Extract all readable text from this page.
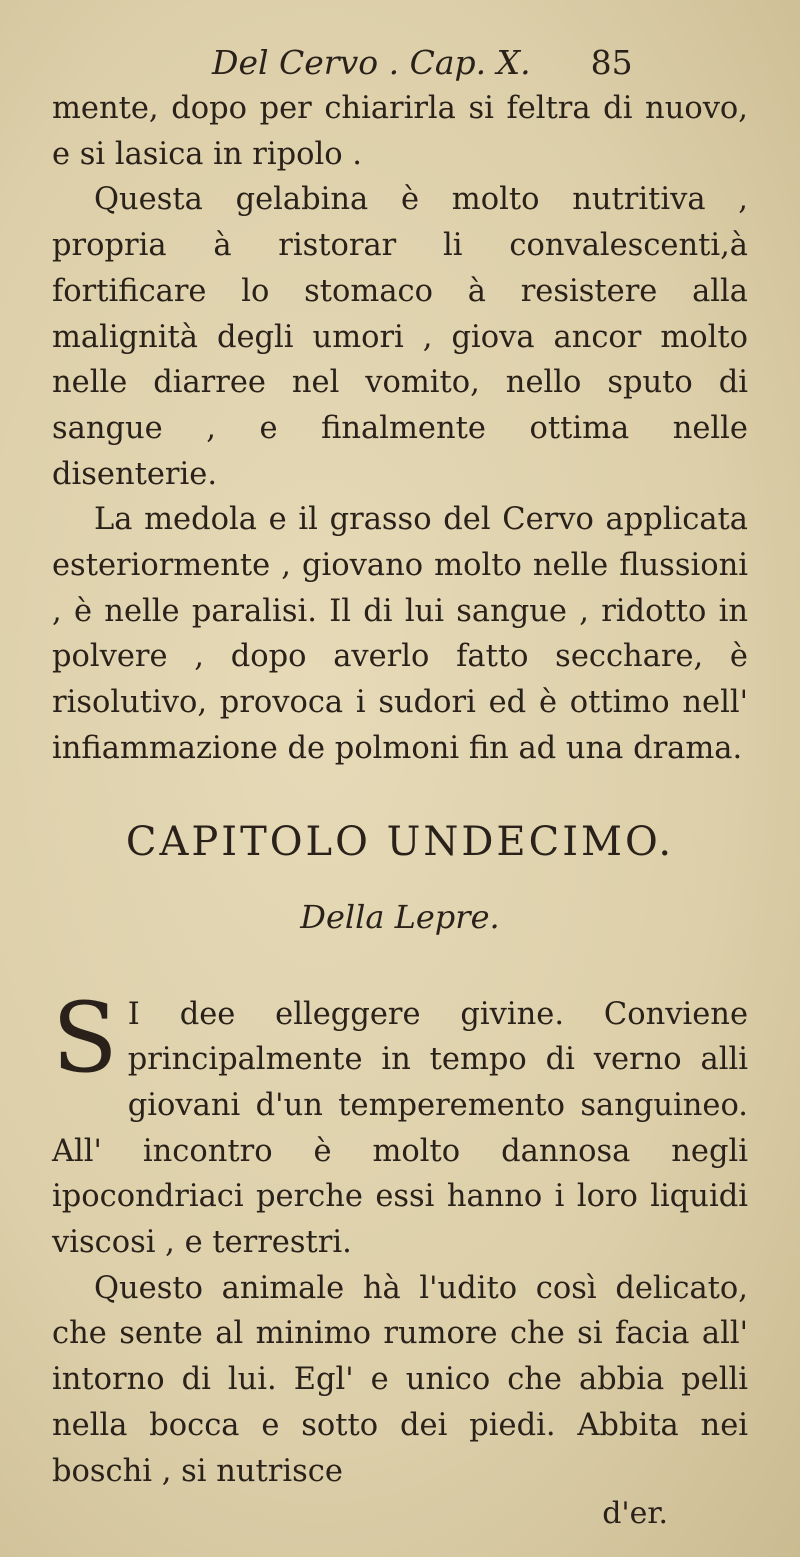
Del Cervo . Cap. X. 85

mente, dopo per chiarirla si feltra di nuovo, e si lasica in ripolo .

Questa gelabina è molto nutritiva , propria à ristorar li convalescenti,à fortificare lo stomaco à resistere alla malignità degli umori , giova ancor molto nelle diarree nel vomito, nello sputo di sangue , e finalmente ottima nelle disenterie.

La medola e il grasso del Cervo applicata esteriormente , giovano molto nelle flussioni , è nelle paralisi. Il di lui sangue , ridotto in polvere , dopo averlo fatto secchare, è risolutivo, provoca i sudori ed è ottimo nell' infiammazione de polmoni fin ad una drama.

CAPITOLO UNDECIMO.
Della Lepre.
S I dee elleggere givine. Conviene principalmente in tempo di verno alli giovani d'un temperemento sanguineo. All' incontro è molto dannosa negli ipocondriaci perche essi hanno i loro liquidi viscosi , e terrestri.

Questo animale hà l'udito così delicato, che sente al minimo rumore che si facia all' intorno di lui. Egl' e unico che abbia pelli nella bocca e sotto dei piedi. Abbita nei boschi , si nutrisce

d'er.
